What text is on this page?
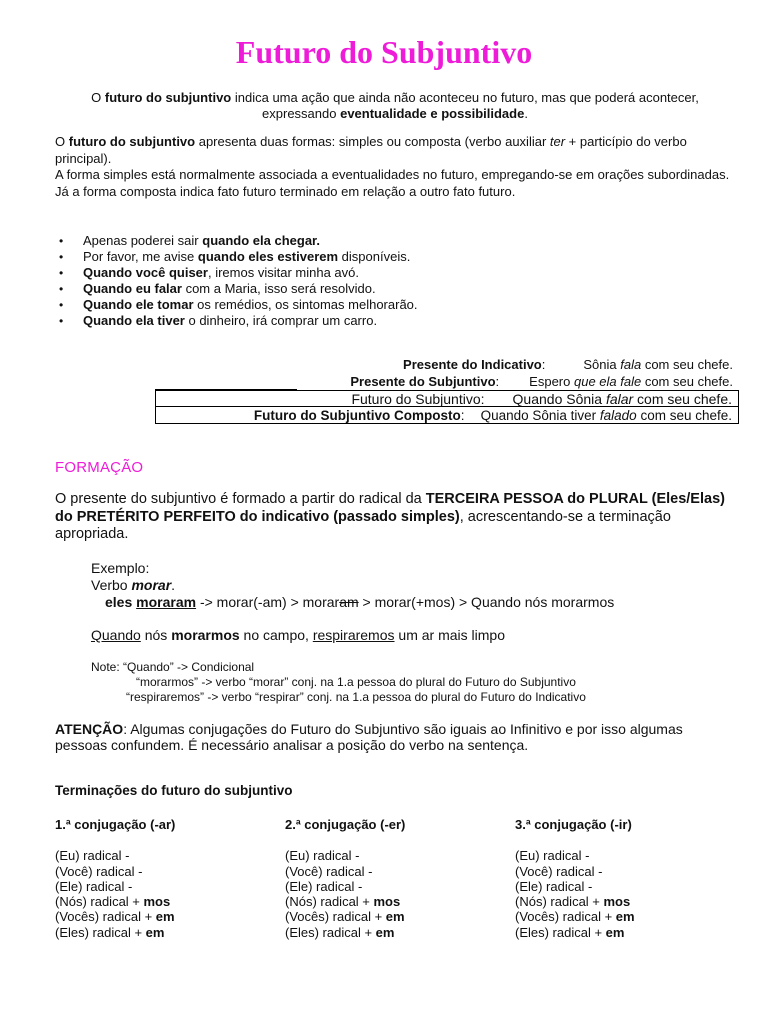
Futuro do Subjuntivo
O futuro do subjuntivo indica uma ação que ainda não aconteceu no futuro, mas que poderá acontecer,
expressando eventualidade e possibilidade.
O futuro do subjuntivo apresenta duas formas: simples ou composta (verbo auxiliar ter + particípio do verbo principal).
A forma simples está normalmente associada a eventualidades no futuro, empregando-se em orações subordinadas.
Já a forma composta indica fato futuro terminado em relação a outro fato futuro.
• Apenas poderei sair quando ela chegar.
• Por favor, me avise quando eles estiverem disponíveis.
• Quando você quiser, iremos visitar minha avó.
• Quando eu falar com a Maria, isso será resolvido.
• Quando ele tomar os remédios, os sintomas melhorarão.
• Quando ela tiver o dinheiro, irá comprar um carro.
Presente do Indicativo:	Sônia fala com seu chefe.
Presente do Subjuntivo: Espero que ela fale com seu chefe.
Futuro do Subjuntivo: Quando Sônia falar com seu chefe.
Futuro do Subjuntivo Composto: Quando Sônia tiver falado com seu chefe.
FORMAÇÃO
O presente do subjuntivo é formado a partir do radical da TERCEIRA PESSOA do PLURAL (Eles/Elas) do PRETÉRITO PERFEITO do indicativo (passado simples), acrescentando-se a terminação apropriada.
Exemplo:
Verbo morar.
eles moraram -> morar(-am) > moraram > morar(+mos) > Quando nós morarmos
Quando nós morarmos no campo, respiraremos um ar mais limpo
Note: “Quando” -> Condicional
“morarmos” -> verbo “morar” conj. na 1.a pessoa do plural do Futuro do Subjuntivo
“respiraremos” -> verbo “respirar” conj. na 1.a pessoa do plural do Futuro do Indicativo
ATENÇÃO: Algumas conjugações do Futuro do Subjuntivo são iguais ao Infinitivo e por isso algumas pessoas confundem. É necessário analisar a posição do verbo na sentença.
Terminações do futuro do subjuntivo
1.ª conjugação (-ar)
(Eu) radical -
(Você) radical -
(Ele) radical -
(Nós) radical + mos
(Vocês) radical + em
(Eles) radical + em
2.ª conjugação (-er)
(Eu) radical -
(Você) radical -
(Ele) radical -
(Nós) radical + mos
(Vocês) radical + em
(Eles) radical + em
3.ª conjugação (-ir)
(Eu) radical -
(Você) radical -
(Ele) radical -
(Nós) radical + mos
(Vocês) radical + em
(Eles) radical + em
